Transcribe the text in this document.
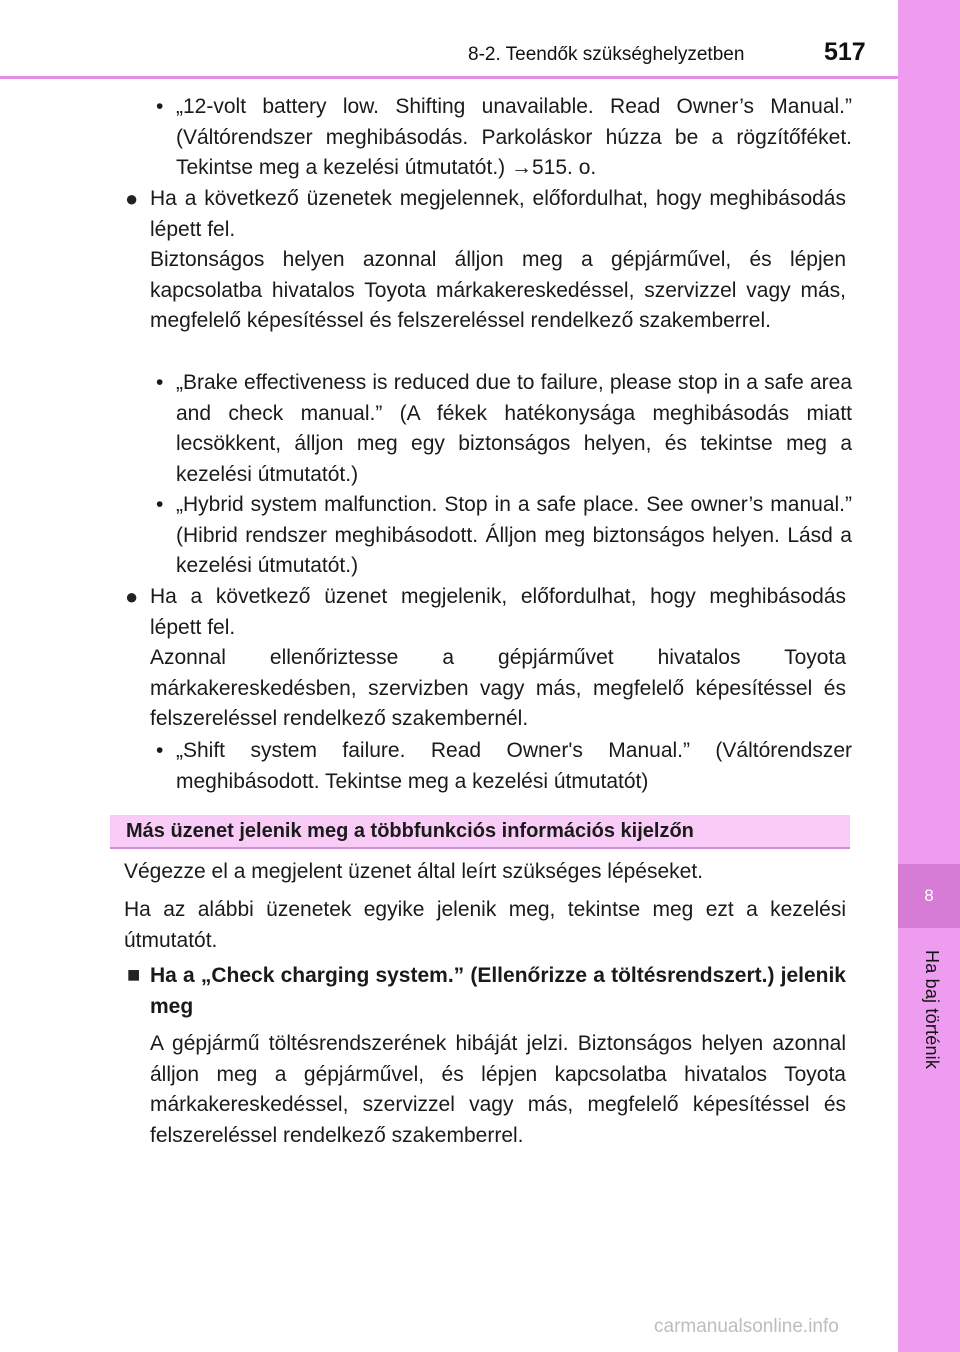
8-2. Teendők szükséghelyzetben	517
8
Ha baj történik
• „12-volt battery low. Shifting unavailable. Read Owner’s Manual.” (Váltórendszer meghibásodás. Parkoláskor húzza be a rögzítőféket. Tekintse meg a kezelési útmutatót.) →515. o.
● Ha a következő üzenetek megjelennek, előfordulhat, hogy meghibásodás lépett fel.
Biztonságos helyen azonnal álljon meg a gépjárművel, és lépjen kapcsolatba hivatalos Toyota márkakereskedéssel, szervizzel vagy más, megfelelő képesítéssel és felszereléssel rendelkező szakemberrel.
• „Brake effectiveness is reduced due to failure, please stop in a safe area and check manual.” (A fékek hatékonysága meghibásodás miatt lecsökkent, álljon meg egy biztonságos helyen, és tekintse meg a kezelési útmutatót.)
• „Hybrid system malfunction. Stop in a safe place. See owner’s manual.” (Hibrid rendszer meghibásodott. Álljon meg biztonságos helyen. Lásd a kezelési útmutatót.)
● Ha a következő üzenet megjelenik, előfordulhat, hogy meghibásodás lépett fel.
Azonnal ellenőriztesse a gépjárművet hivatalos Toyota márkakereskedésben, szervizben vagy más, megfelelő képesítéssel és felszereléssel rendelkező szakembernél.
• „Shift system failure. Read Owner's Manual.” (Váltórendszer meghibásodott. Tekintse meg a kezelési útmutatót)
Más üzenet jelenik meg a többfunkciós információs kijelzőn
Végezze el a megjelent üzenet által leírt szükséges lépéseket.
Ha az alábbi üzenetek egyike jelenik meg, tekintse meg ezt a kezelési útmutatót.
■ Ha a „Check charging system.” (Ellenőrizze a töltésrendszert.) jelenik meg
A gépjármű töltésrendszerének hibáját jelzi. Biztonságos helyen azonnal álljon meg a gépjárművel, és lépjen kapcsolatba hivatalos Toyota márkakereskedéssel, szervizzel vagy más, megfelelő képesítéssel és felszereléssel rendelkező szakemberrel.
carmanualsonline.info
